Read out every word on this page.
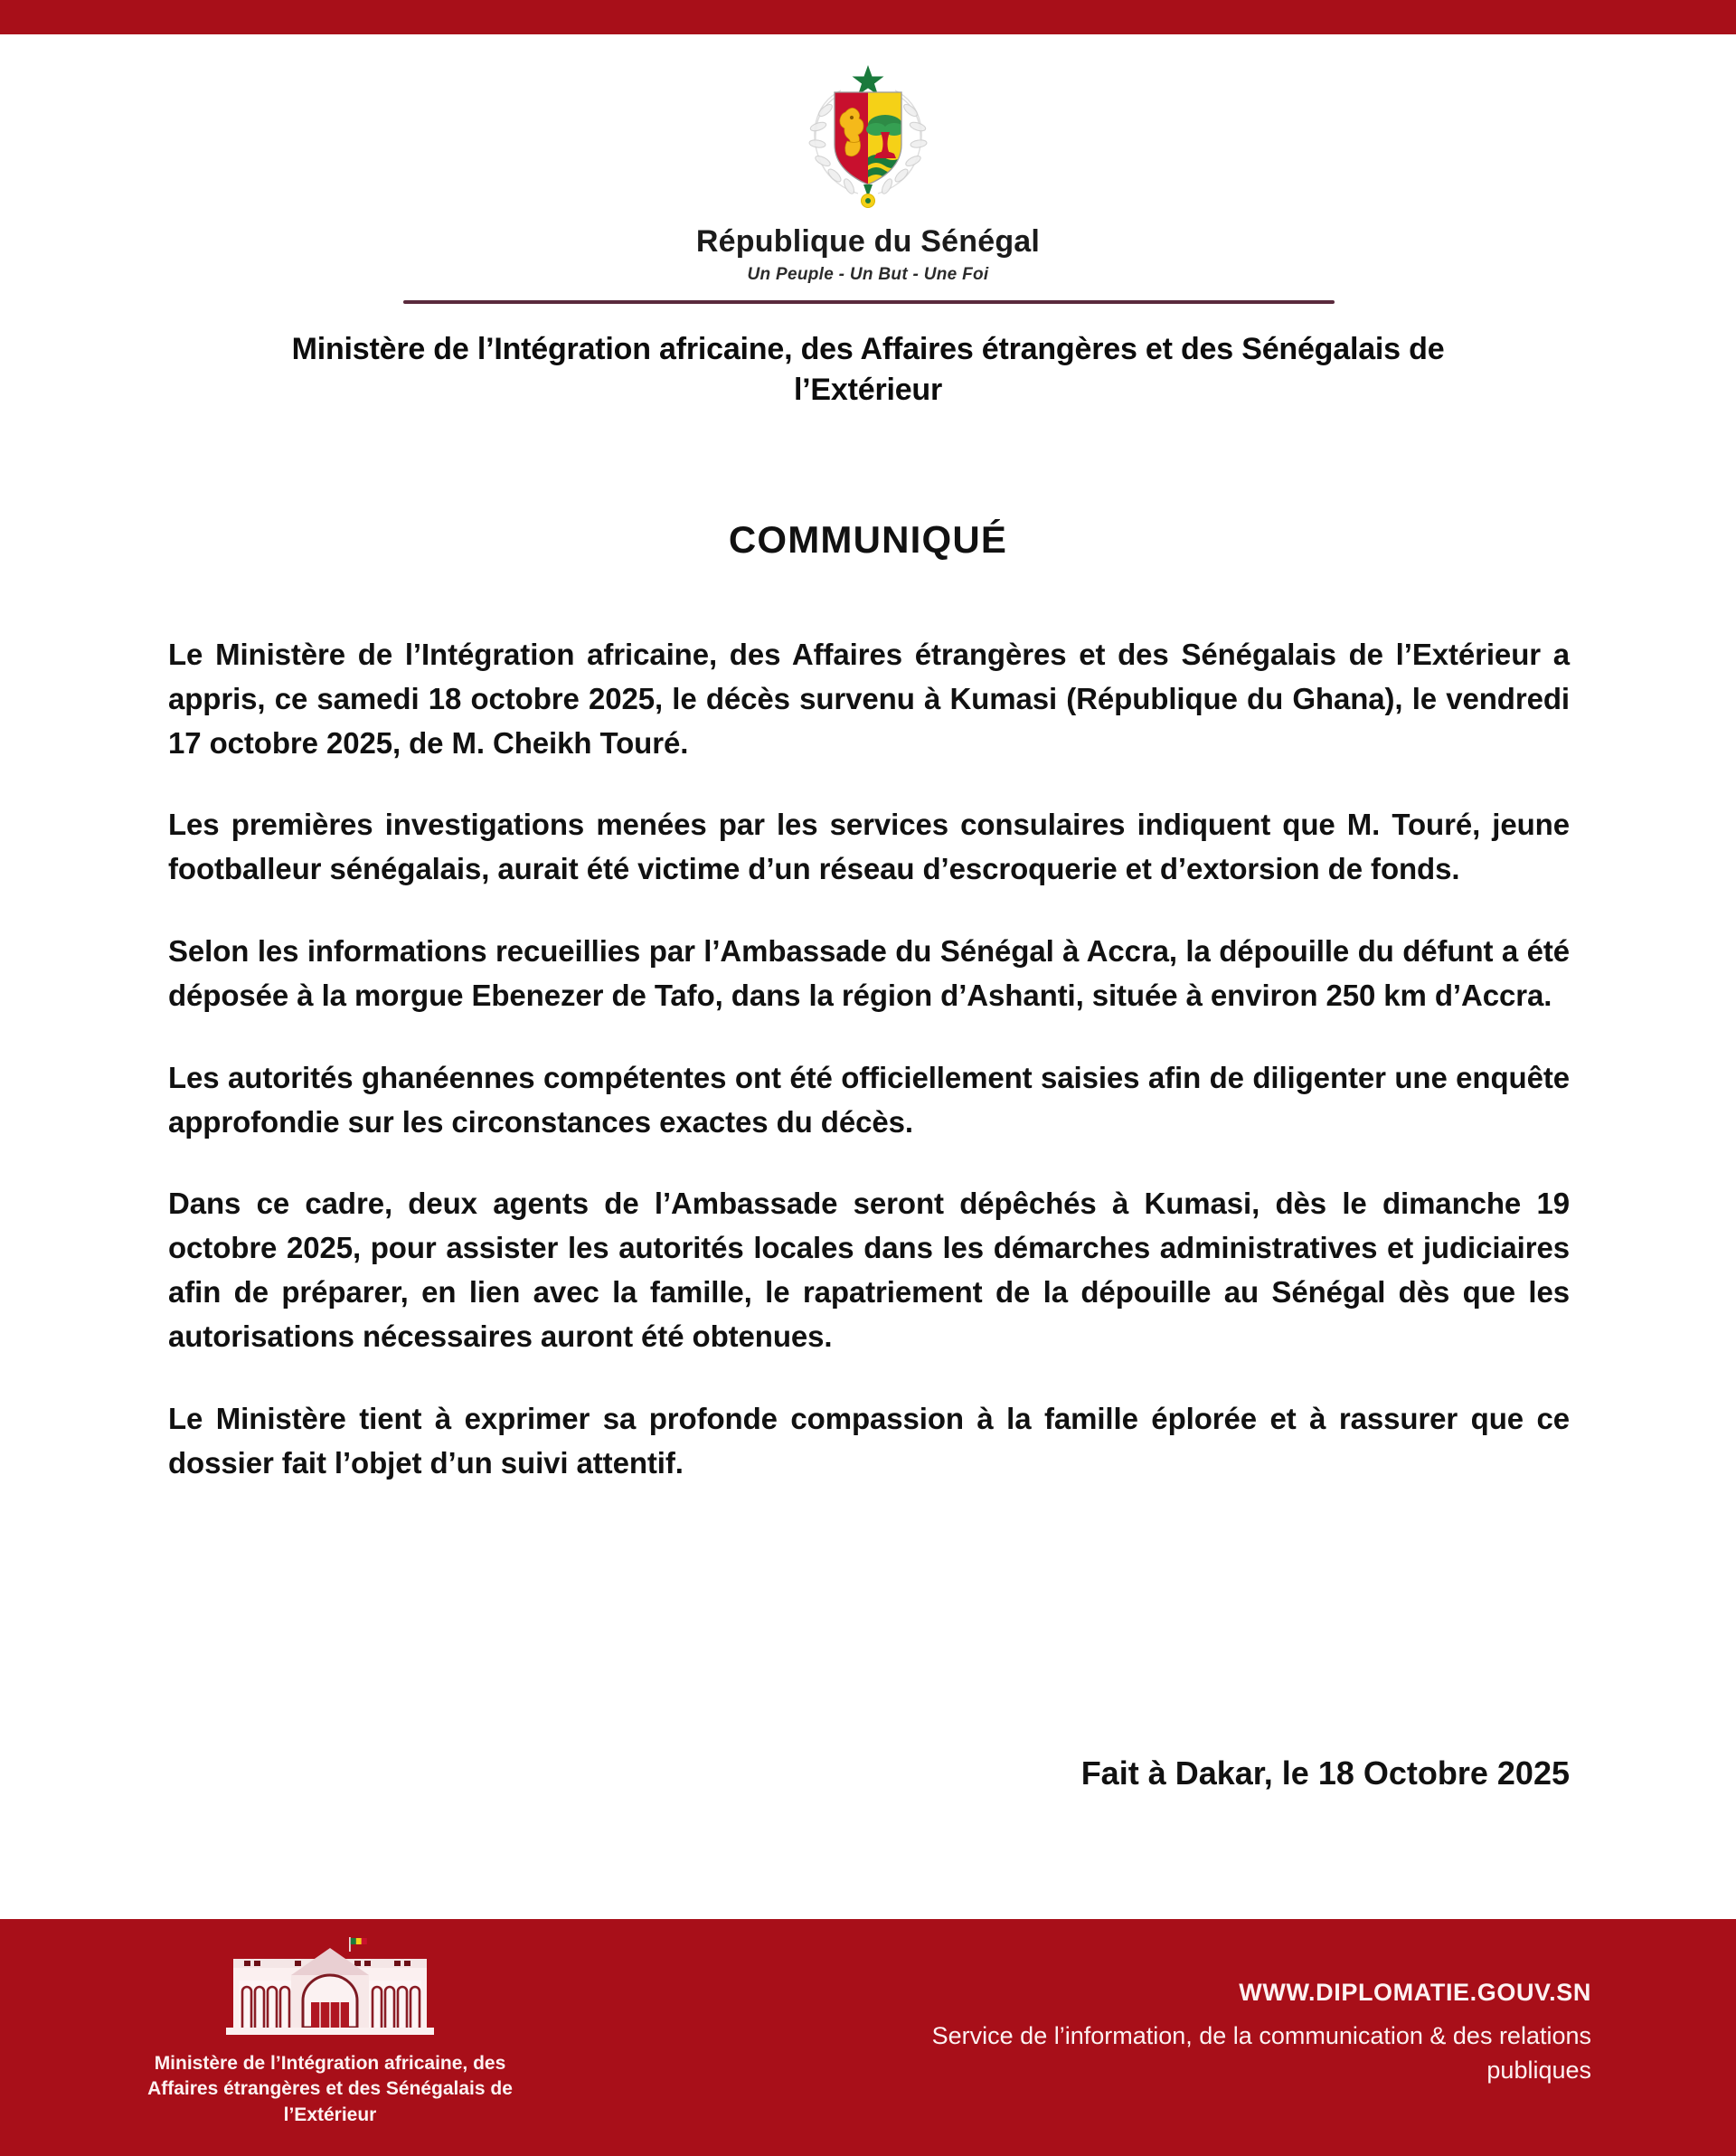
République du Sénégal
Un Peuple - Un But - Une Foi
Ministère de l’Intégration africaine, des Affaires étrangères et des Sénégalais de l’Extérieur
COMMUNIQUÉ

Le Ministère de l’Intégration africaine, des Affaires étrangères et des Sénégalais de l’Extérieur a appris, ce samedi 18 octobre 2025, le décès survenu à Kumasi (République du Ghana), le vendredi 17 octobre 2025, de M. Cheikh Touré.

Les premières investigations menées par les services consulaires indiquent que M. Touré, jeune footballeur sénégalais, aurait été victime d’un réseau d’escroquerie et d’extorsion de fonds.

Selon les informations recueillies par l’Ambassade du Sénégal à Accra, la dépouille du défunt a été déposée à la morgue Ebenezer de Tafo, dans la région d’Ashanti, située à environ 250 km d’Accra.

Les autorités ghanéennes compétentes ont été officiellement saisies afin de diligenter une enquête approfondie sur les circonstances exactes du décès.

Dans ce cadre, deux agents de l’Ambassade seront dépêchés à Kumasi, dès le dimanche 19 octobre 2025, pour assister les autorités locales dans les démarches administratives et judiciaires afin de préparer, en lien avec la famille, le rapatriement de la dépouille au Sénégal dès que les autorisations nécessaires auront été obtenues.

Le Ministère tient à exprimer sa profonde compassion à la famille éplorée et à rassurer que ce dossier fait l’objet d’un suivi attentif.

Fait à Dakar, le 18 Octobre 2025
Ministère de l’Intégration africaine, des Affaires étrangères et des Sénégalais de l’Extérieur
WWW.DIPLOMATIE.GOUV.SN
Service de l’information, de la communication & des relations publiques
